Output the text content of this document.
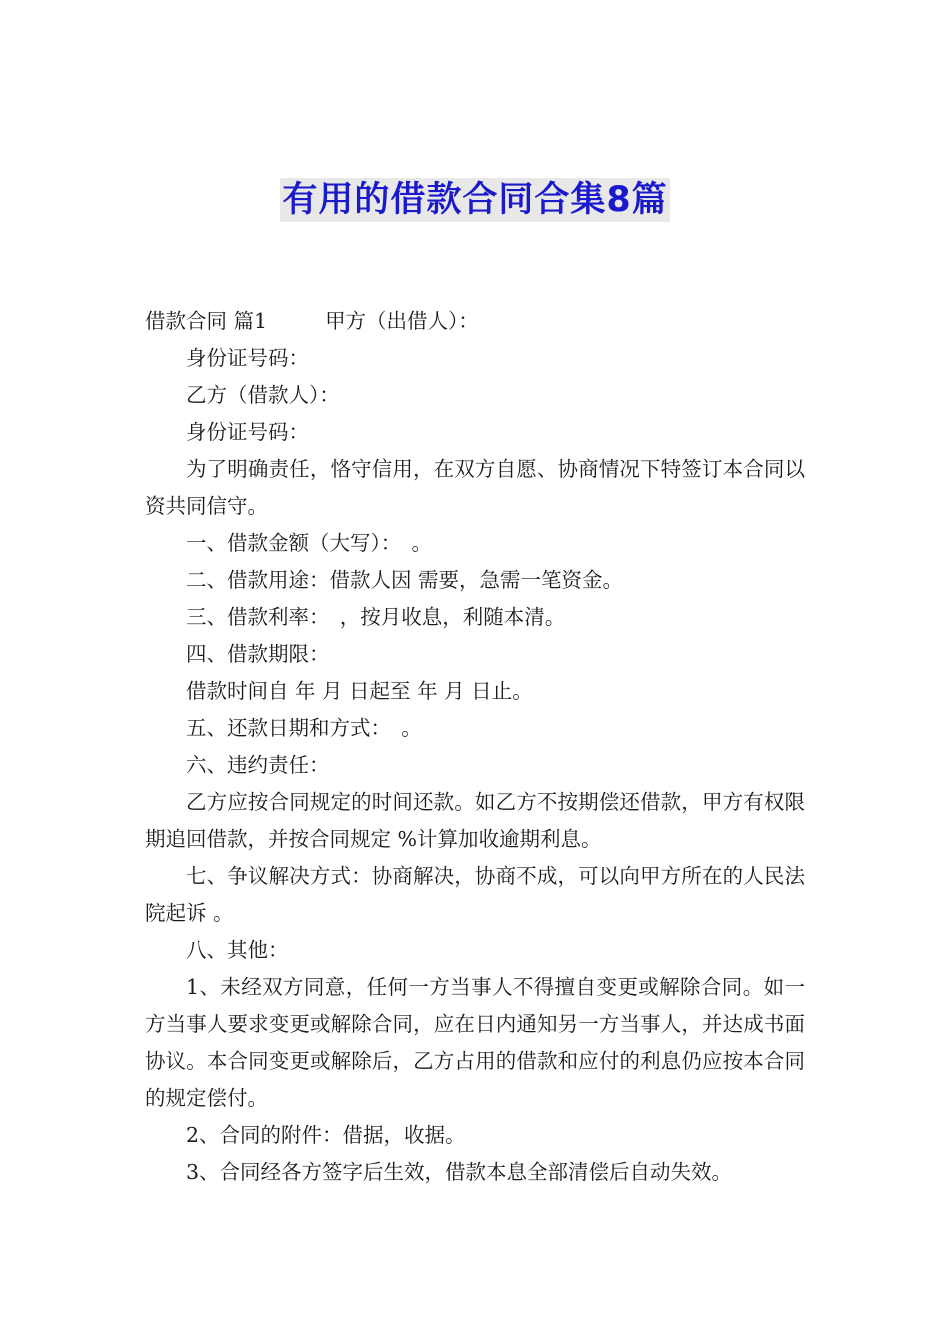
有用的借款合同合集8篇

借款合同 篇1	甲方（出借人）：

身份证号码：

乙方（借款人）：

身份证号码：

为了明确责任，恪守信用，在双方自愿、协商情况下特签订本合同以资共同信守。

一、借款金额（大写）：　。

二、借款用途：借款人因 需要，急需一笔资金。

三、借款利率：　，按月收息，利随本清。

四、借款期限：

借款时间自 年 月 日起至 年 月 日止。

五、还款日期和方式：　。

六、违约责任：

乙方应按合同规定的时间还款。如乙方不按期偿还借款，甲方有权限期追回借款，并按合同规定 %计算加收逾期利息。

七、争议解决方式：协商解决，协商不成，可以向甲方所在的人民法院起诉 。

八、其他：

1、未经双方同意，任何一方当事人不得擅自变更或解除合同。如一方当事人要求变更或解除合同，应在日内通知另一方当事人，并达成书面协议。本合同变更或解除后，乙方占用的借款和应付的利息仍应按本合同的规定偿付。

2、合同的附件：借据，收据。

3、合同经各方签字后生效，借款本息全部清偿后自动失效。
